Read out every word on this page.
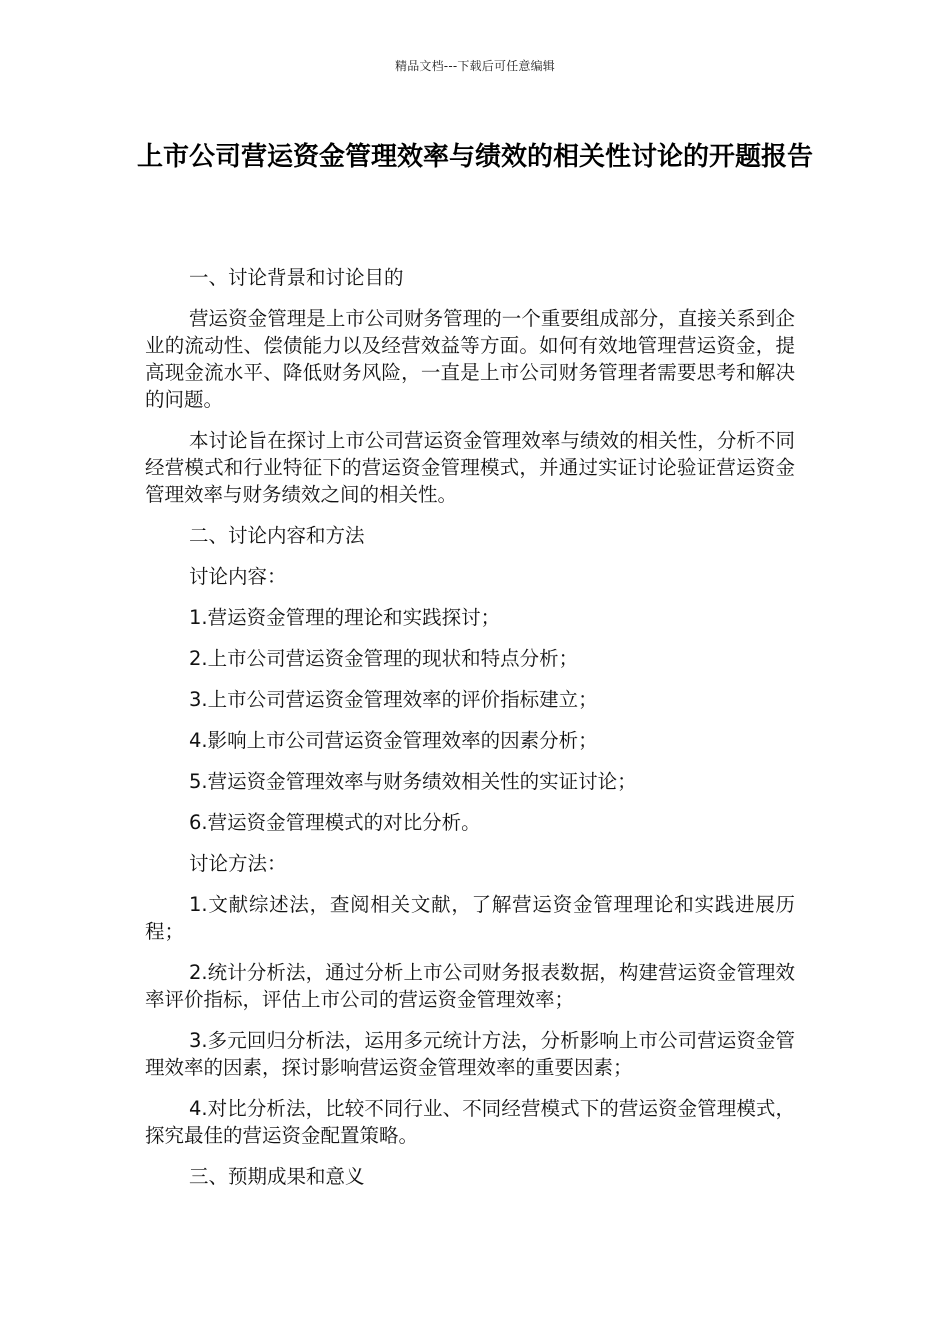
精品文档---下载后可任意编辑
上市公司营运资金管理效率与绩效的相关性讨论的开题报告

一、讨论背景和讨论目的

营运资金管理是上市公司财务管理的一个重要组成部分，直接关系到企业的流动性、偿债能力以及经营效益等方面。如何有效地管理营运资金，提高现金流水平、降低财务风险，一直是上市公司财务管理者需要思考和解决的问题。

本讨论旨在探讨上市公司营运资金管理效率与绩效的相关性，分析不同经营模式和行业特征下的营运资金管理模式，并通过实证讨论验证营运资金管理效率与财务绩效之间的相关性。

二、讨论内容和方法

讨论内容：

1.营运资金管理的理论和实践探讨；

2.上市公司营运资金管理的现状和特点分析；

3.上市公司营运资金管理效率的评价指标建立；

4.影响上市公司营运资金管理效率的因素分析；

5.营运资金管理效率与财务绩效相关性的实证讨论；

6.营运资金管理模式的对比分析。

讨论方法：

1.文献综述法，查阅相关文献，了解营运资金管理理论和实践进展历程；

2.统计分析法，通过分析上市公司财务报表数据，构建营运资金管理效率评价指标，评估上市公司的营运资金管理效率；

3.多元回归分析法，运用多元统计方法，分析影响上市公司营运资金管理效率的因素，探讨影响营运资金管理效率的重要因素；

4.对比分析法，比较不同行业、不同经营模式下的营运资金管理模式，探究最佳的营运资金配置策略。

三、预期成果和意义
